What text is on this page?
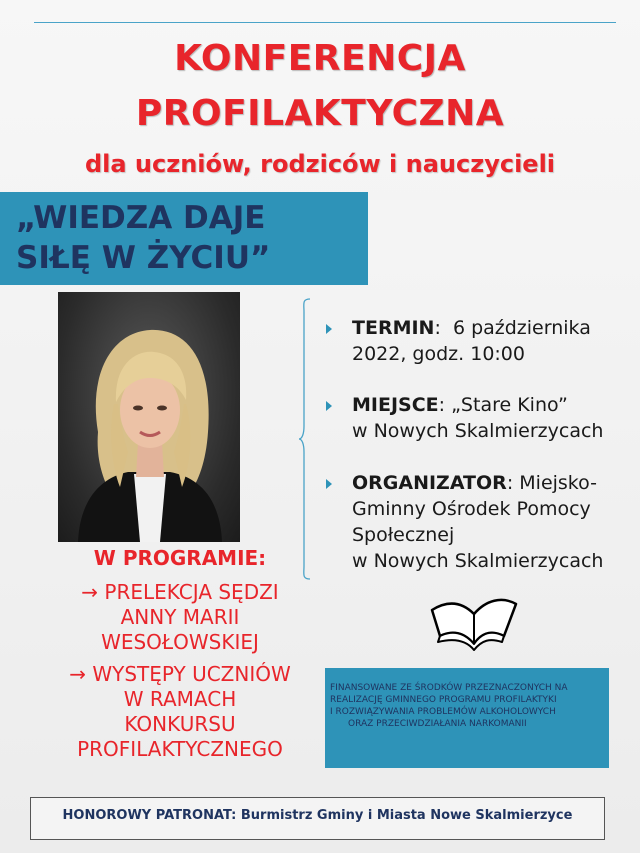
KONFERENCJA
PROFILAKTYCZNA
dla uczniów, rodziców i nauczycieli
„WIEDZA DAJE
SIŁĘ W ŻYCIU”
TERMIN:  6 października
2022, godz. 10:00
MIEJSCE: „Stare Kino”
w Nowych Skalmierzycach
ORGANIZATOR: Miejsko-
Gminny Ośrodek Pomocy
Społecznej
w Nowych Skalmierzycach
W PROGRAMIE:
→ PRELEKCJA SĘDZI
ANNY MARII
WESOŁOWSKIEJ
→ WYSTĘPY UCZNIÓW
W RAMACH
KONKURSU
PROFILAKTYCZNEGO
FINANSOWANE ZE ŚRODKÓW PRZEZNACZONYCH NA
REALIZACJĘ GMINNEGO PROGRAMU PROFILAKTYKI
I ROZWIĄZYWANIA PROBLEMÓW ALKOHOLOWYCH
ORAZ PRZECIWDZIAŁANIA NARKOMANII
HONOROWY PATRONAT: Burmistrz Gminy i Miasta Nowe Skalmierzyce
